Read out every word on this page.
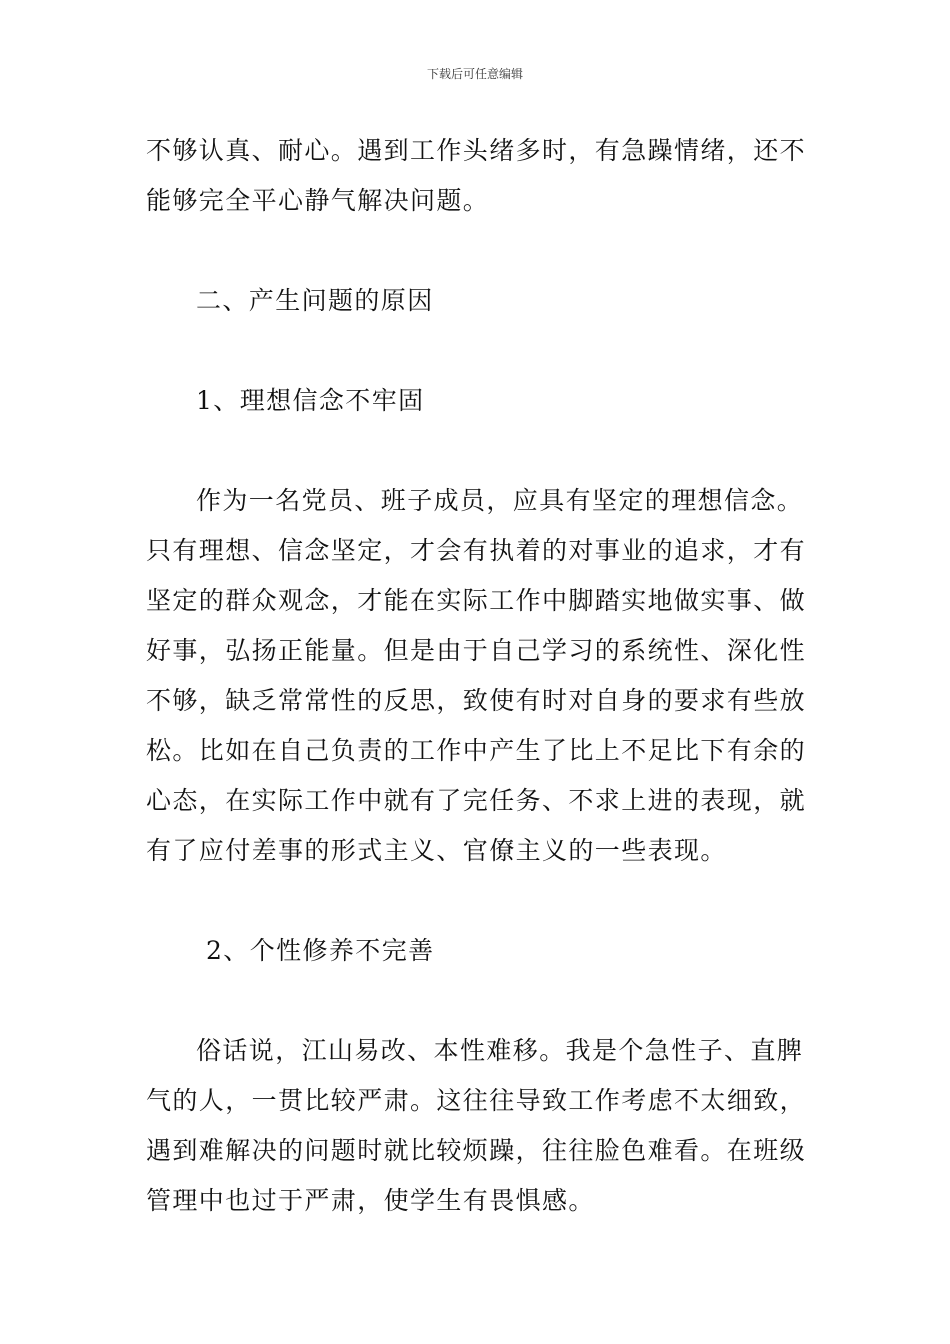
下载后可任意编辑

不够认真、耐心。遇到工作头绪多时，有急躁情绪，还不

能够完全平心静气解决问题。

二、产生问题的原因

1、理想信念不牢固

作为一名党员、班子成员，应具有坚定的理想信念。

只有理想、信念坚定，才会有执着的对事业的追求，才有

坚定的群众观念，才能在实际工作中脚踏实地做实事、做

好事，弘扬正能量。但是由于自己学习的系统性、深化性

不够，缺乏常常性的反思，致使有时对自身的要求有些放

松。比如在自己负责的工作中产生了比上不足比下有余的

心态，在实际工作中就有了完任务、不求上进的表现，就

有了应付差事的形式主义、官僚主义的一些表现。

2、个性修养不完善

俗话说，江山易改、本性难移。我是个急性子、直脾

气的人，一贯比较严肃。这往往导致工作考虑不太细致，

遇到难解决的问题时就比较烦躁，往往脸色难看。在班级

管理中也过于严肃，使学生有畏惧感。
